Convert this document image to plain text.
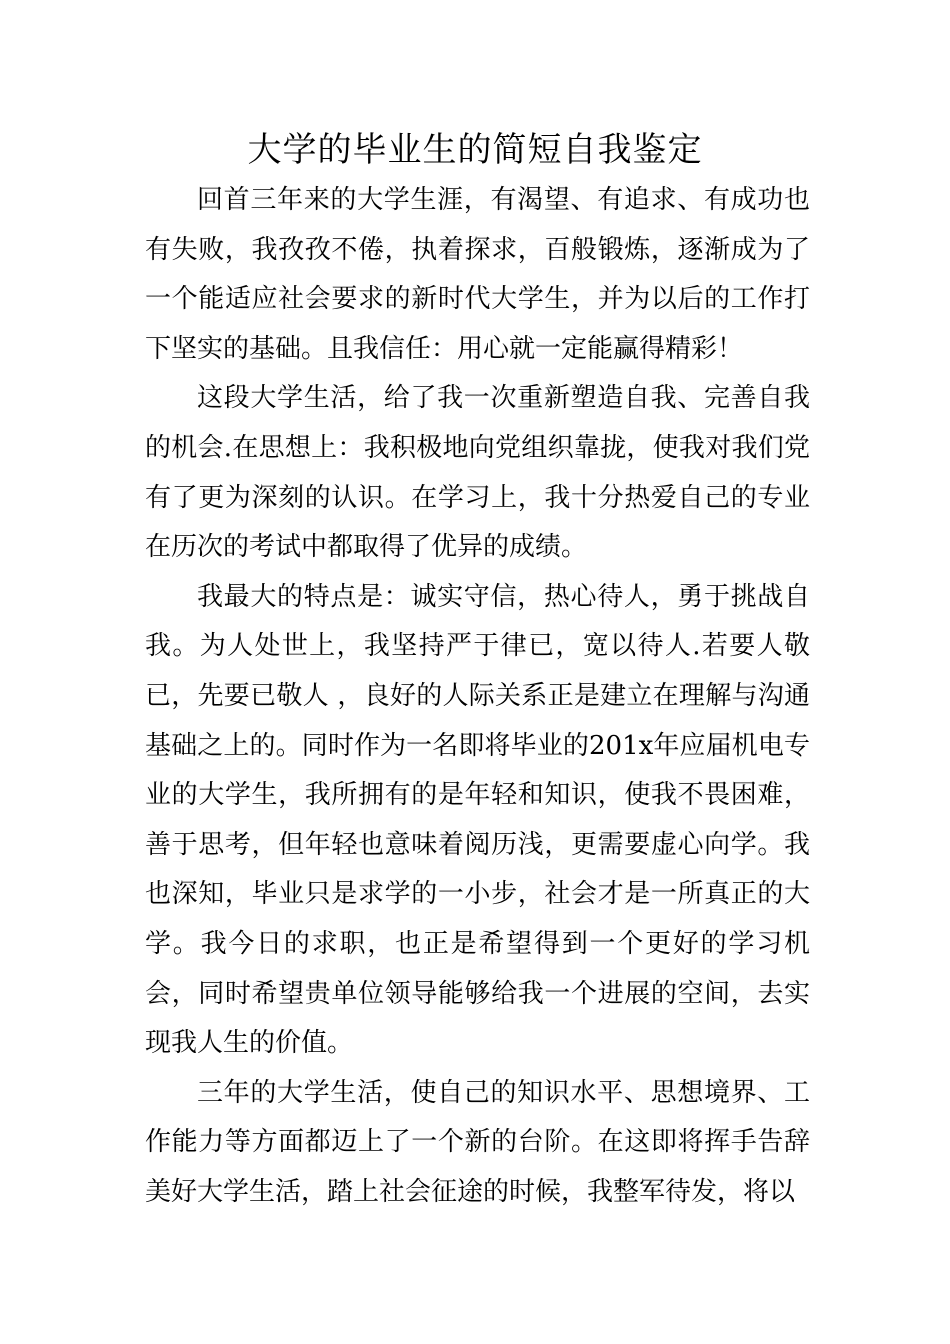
大学的毕业生的简短自我鉴定

回首三年来的大学生涯，有渴望、有追求、有成功也有失败，我孜孜不倦，执着探求，百般锻炼，逐渐成为了一个能适应社会要求的新时代大学生，并为以后的工作打下坚实的基础。且我信任：用心就一定能赢得精彩！

这段大学生活，给了我一次重新塑造自我、完善自我的机会.在思想上：我积极地向党组织靠拢，使我对我们党有了更为深刻的认识。在学习上，我十分热爱自己的专业在历次的考试中都取得了优异的成绩。

我最大的特点是：诚实守信，热心待人，勇于挑战自我。为人处世上，我坚持严于律已，宽以待人.若要人敬已，先要已敬人 ，良好的人际关系正是建立在理解与沟通基础之上的。同时作为一名即将毕业的201x年应届机电专业的大学生，我所拥有的是年轻和知识，使我不畏困难，善于思考，但年轻也意味着阅历浅，更需要虚心向学。我也深知，毕业只是求学的一小步，社会才是一所真正的大学。我今日的求职，也正是希望得到一个更好的学习机会，同时希望贵单位领导能够给我一个进展的空间，去实现我人生的价值。

三年的大学生活，使自己的知识水平、思想境界、工作能力等方面都迈上了一个新的台阶。在这即将挥手告辞美好大学生活，踏上社会征途的时候，我整军待发，将以
